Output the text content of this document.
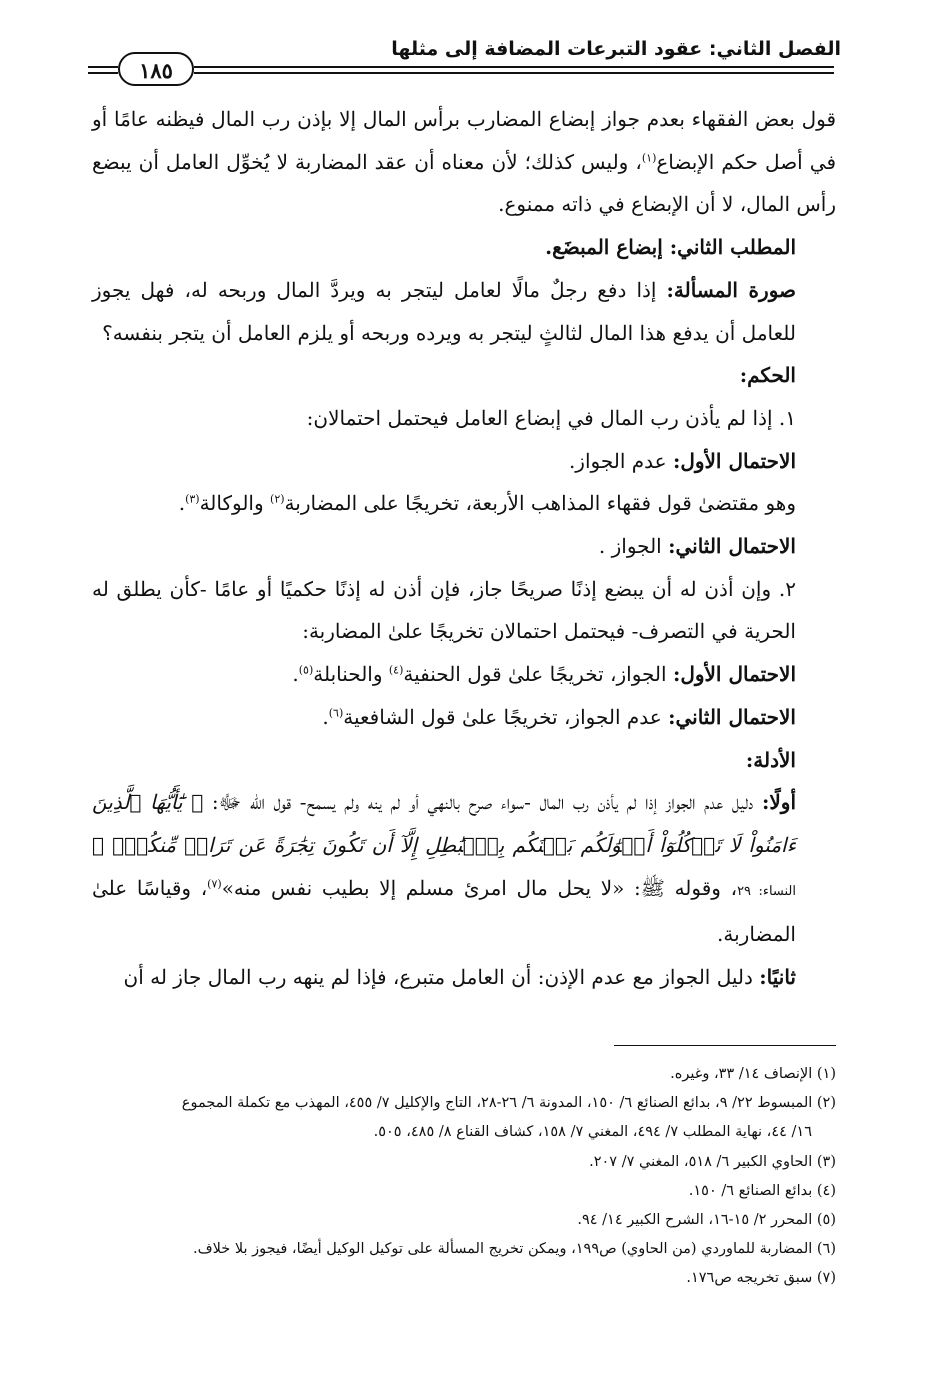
الفصل الثاني: عقود التبرعات المضافة إلى مثلها
١٨٥

قول بعض الفقهاء بعدم جواز إبضاع المضارب برأس المال إلا بإذن رب المال فيظنه عامًا أو في أصل حكم الإبضاع$^{(١)}$، وليس كذلك؛ لأن معناه أن عقد المضاربة لا يُخوِّل العامل أن يبضع رأس المال، لا أن الإبضاع في ذاته ممنوع.

المطلب الثاني: إبضاع المبضَع.

صورة المسألة: إذا دفع رجلٌ مالًا لعامل ليتجر به ويردَّ المال وربحه له، فهل يجوز للعامل أن يدفع هذا المال لثالثٍ ليتجر به ويرده وربحه أو يلزم العامل أن يتجر بنفسه؟

الحكم:

١. إذا لم يأذن رب المال في إبضاع العامل فيحتمل احتمالان:

الاحتمال الأول: عدم الجواز.

وهو مقتضىٰ قول فقهاء المذاهب الأربعة، تخريجًا على المضاربة$^{(٢)}$ والوكالة$^{(٣)}$.

الاحتمال الثاني: الجواز .

٢. وإن أذن له أن يبضع إذنًا صريحًا جاز، فإن أذن له إذنًا حكميًا أو عامًا -كأن يطلق له الحرية في التصرف- فيحتمل احتمالان تخريجًا علىٰ المضاربة:

الاحتمال الأول: الجواز، تخريجًا علىٰ قول الحنفية$^{(٤)}$ والحنابلة$^{(٥)}$.

الاحتمال الثاني: عدم الجواز، تخريجًا علىٰ قول الشافعية$^{(٦)}$.

الأدلة:

أولًا: دليل عدم الجواز إذا لم يأذن رب المال -سواء صرح بالنهي أو لم ينه ولم يسمح- قول الله ﷻ: ﴿ يَٰٓأَيُّهَا ٱلَّذِينَ ءَامَنُواْ لَا تَأۡكُلُوٓاْ أَمۡوَٰلَكُم بَيۡنَكُم بِٱلۡبَٰطِلِ إِلَّآ أَن تَكُونَ تِجَٰرَةً عَن تَرَاضٖ مِّنكُمۡۚ ﴾ النساء: ٢٩، وقوله ﷺ: «لا يحل مال امرئ مسلم إلا بطيب نفس منه»$^{(٧)}$، وقياسًا علىٰ المضاربة.

ثانيًا: دليل الجواز مع عدم الإذن: أن العامل متبرع، فإذا لم ينهه رب المال جاز له أن

(١) الإنصاف ١٤/ ٣٣، وغيره.

(٢) المبسوط ٢٢/ ٩، بدائع الصنائع ٦/ ١٥٠، المدونة ٦/ ٢٦-٢٨، التاج والإكليل ٧/ ٤٥٥، المهذب مع تكملة المجموع

١٦/ ٤٤، نهاية المطلب ٧/ ٤٩٤، المغني ٧/ ١٥٨، كشاف القناع ٨/ ٤٨٥، ٥٠٥.

(٣) الحاوي الكبير ٦/ ٥١٨، المغني ٧/ ٢٠٧.

(٤) بدائع الصنائع ٦/ ١٥٠.

(٥) المحرر ٢/ ١٥-١٦، الشرح الكبير ١٤/ ٩٤.

(٦) المضاربة للماوردي (من الحاوي) ص١٩٩، ويمكن تخريج المسألة على توكيل الوكيل أيضًا، فيجوز بلا خلاف.

(٧) سبق تخريجه ص١٧٦.
